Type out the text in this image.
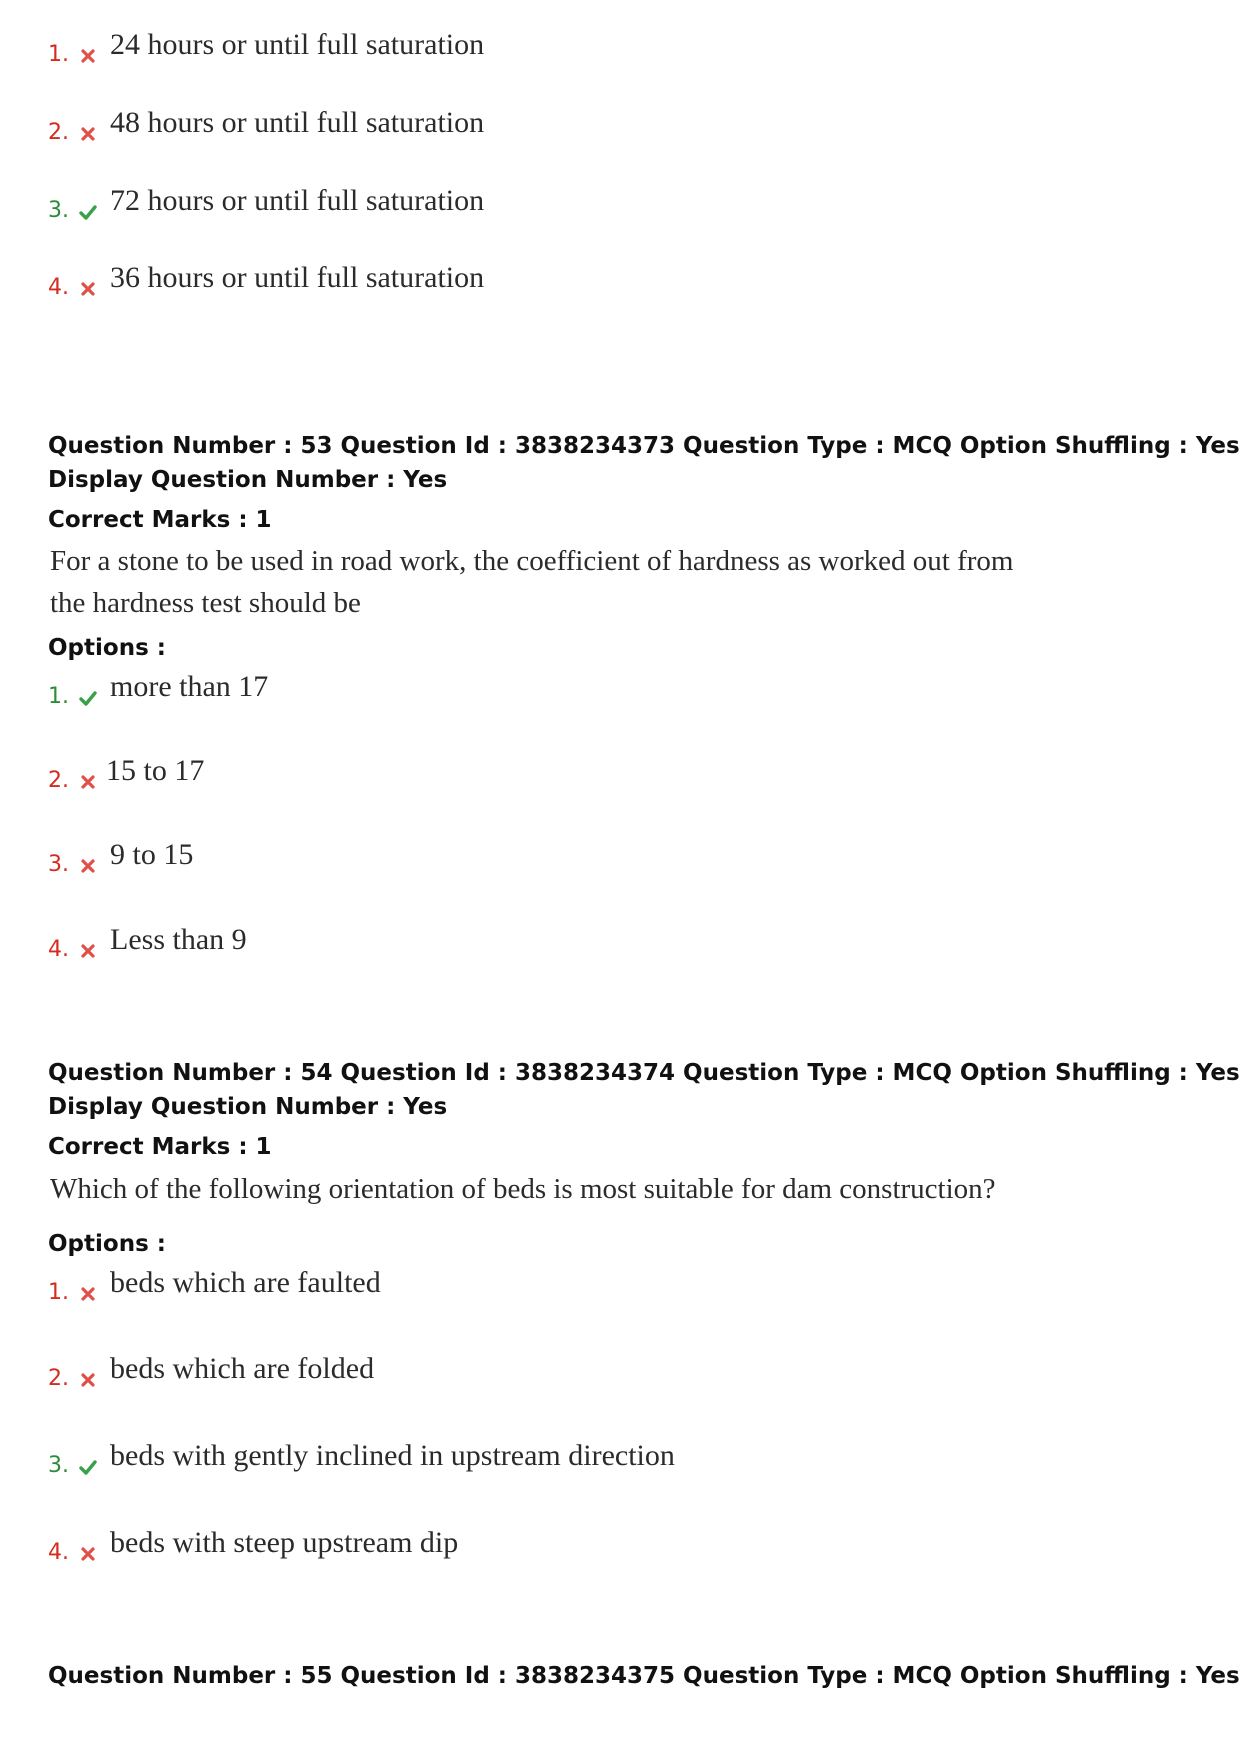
1. 24 hours or until full saturation
2. 48 hours or until full saturation
3. 72 hours or until full saturation
4. 36 hours or until full saturation
Question Number : 53 Question Id : 3838234373 Question Type : MCQ Option Shuffling : Yes
Display Question Number : Yes
Correct Marks : 1
For a stone to be used in road work, the coefficient of hardness as worked out from
the hardness test should be
Options :
1. more than 17
2. 15 to 17
3. 9 to 15
4. Less than 9
Question Number : 54 Question Id : 3838234374 Question Type : MCQ Option Shuffling : Yes
Display Question Number : Yes
Correct Marks : 1
Which of the following orientation of beds is most suitable for dam construction?
Options :
1. beds which are faulted
2. beds which are folded
3. beds with gently inclined in upstream direction
4. beds with steep upstream dip
Question Number : 55 Question Id : 3838234375 Question Type : MCQ Option Shuffling : Yes
